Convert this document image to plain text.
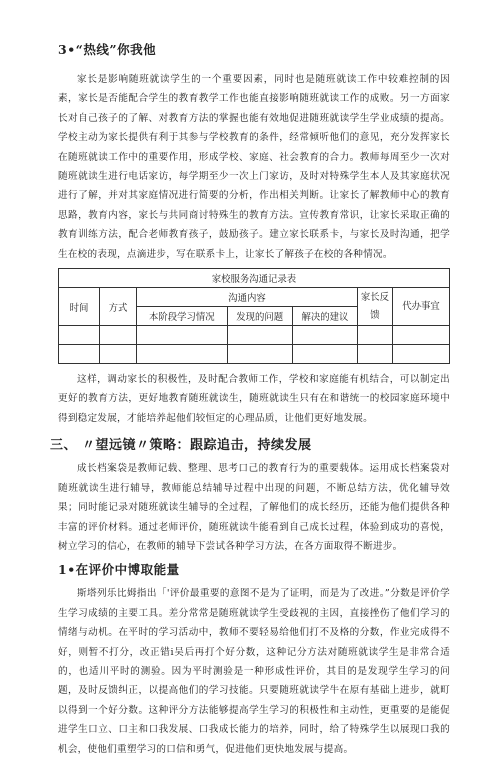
3•“热线”你我他

家长是影响随班就读学生的一个重要因素，同时也是随班就读工作中较难控制的因素，家长是否能配合学生的教育教学工作也能直接影响随班就读工作的成败。另一方面家长对自己孩子的了解、对教育方法的掌握也能有效地促进随班就读学生学业成绩的提高。学校主动为家长提供有利于其参与学校教育的条件，经常倾听他们的意见，充分发挥家长在随班就读工作中的重要作用，形成学校、家庭、社会教育的合力。教师每周至少一次对随班就读生进行电话家访，每学期至少一次上门家访，及时对特殊学生本人及其家庭状况进行了解，并对其家庭情况进行简要的分析，作出相关判断。让家长了解教师中心的教育思路，教育内容，家长与共同商讨特殊生的教育方法。宣传教育常识，让家长采取正确的教育训练方法，配合老师教育孩子，鼓励孩子。建立家长联系卡，与家长及时沟通，把学生在校的表现，点滴进步，写在联系卡上，让家长了解孩子在校的各种情况。

家校服务沟通记录表						
时间	方式	沟通内容			家长反馈	代办事宜
		本阶段学习情况	发现的问题	解决的建议		

这样，调动家长的积极性，及时配合教师工作，学校和家庭能有机结合，可以制定出更好的教育方法，更好地教育随班就读生，随班就读生只有在和谐统一的校园家庭环境中得到稳定发展，才能培养起他们较恒定的心理品质，让他们更好地发展。

三、 〃望远镜〃策略：跟踪追击，持续发展

成长档案袋是教师记载、整理、思考口己的教育行为的重要载体。运用成长档案袋对随班就读生进行辅导，教师能总结辅导过程中出现的问题，不断总结方法，优化辅导效果；同时能记录对随班就读生辅导的全过程，了解他们的成长经历，还能为他们提供各种丰富的评价材料。通过老师评价，随班就读牛能看到自己成长过程，体验到成功的喜悦，树立学习的信心，在教师的辅导下尝试各种学习方法，在各方面取得不断进步。

1•在评价中博取能量

斯塔列乐比姆指出「'评价最重要的意图不是为了证明，而是为了改进。”分数是评价学生学习成绩的主要工具。差分常常是随班就读学生受歧视的主因，直接挫伤了他们学习的情绪与动机。在平时的学习活动中，教师不要轻易给他们打不及格的分数，作业完成得不好，则暂不打分，改正错i吴后再打个好分数，这种记分方法对随班就读学生是非常合适的，也适川平时的测验。因为平时测验是一种形成性评价，其目的是发现学生学习的问题，及时反馈纠正，以提高他们的学习技能。只要随班就读学牛在原有基础上进步，就町以得到一个好分数。这种评分方法能够提高学生学习的积极性和主动性，更重要的是能促进学生口立、口主和口我发展、口我成长能力的培养，同时，给了特殊学生以展现口我的机会，使他们重塑学习的口信和勇气，促进他们更快地发展与提高。
